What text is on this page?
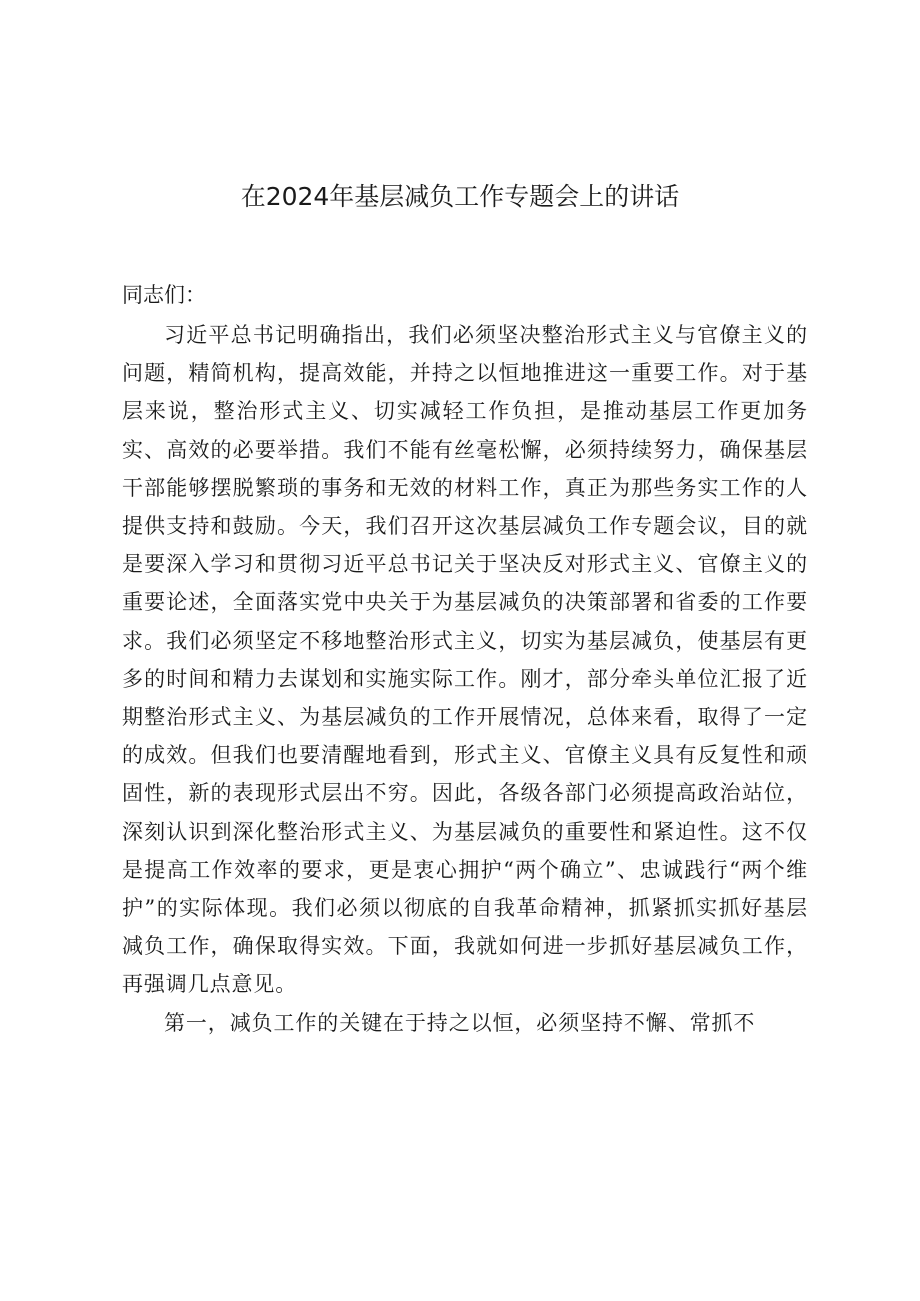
在2024年基层减负工作专题会上的讲话
同志们：

习近平总书记明确指出，我们必须坚决整治形式主义与官僚主义的问题，精简机构，提高效能，并持之以恒地推进这一重要工作。对于基层来说，整治形式主义、切实减轻工作负担，是推动基层工作更加务实、高效的必要举措。我们不能有丝毫松懈，必须持续努力，确保基层干部能够摆脱繁琐的事务和无效的材料工作，真正为那些务实工作的人提供支持和鼓励。今天，我们召开这次基层减负工作专题会议，目的就是要深入学习和贯彻习近平总书记关于坚决反对形式主义、官僚主义的重要论述，全面落实党中央关于为基层减负的决策部署和省委的工作要求。我们必须坚定不移地整治形式主义，切实为基层减负，使基层有更多的时间和精力去谋划和实施实际工作。刚才，部分牵头单位汇报了近期整治形式主义、为基层减负的工作开展情况，总体来看，取得了一定的成效。但我们也要清醒地看到，形式主义、官僚主义具有反复性和顽固性，新的表现形式层出不穷。因此，各级各部门必须提高政治站位，深刻认识到深化整治形式主义、为基层减负的重要性和紧迫性。这不仅是提高工作效率的要求，更是衷心拥护“两个确立”、忠诚践行“两个维护”的实际体现。我们必须以彻底的自我革命精神，抓紧抓实抓好基层减负工作，确保取得实效。下面，我就如何进一步抓好基层减负工作，再强调几点意见。

第一，减负工作的关键在于持之以恒，必须坚持不懈、常抓不
